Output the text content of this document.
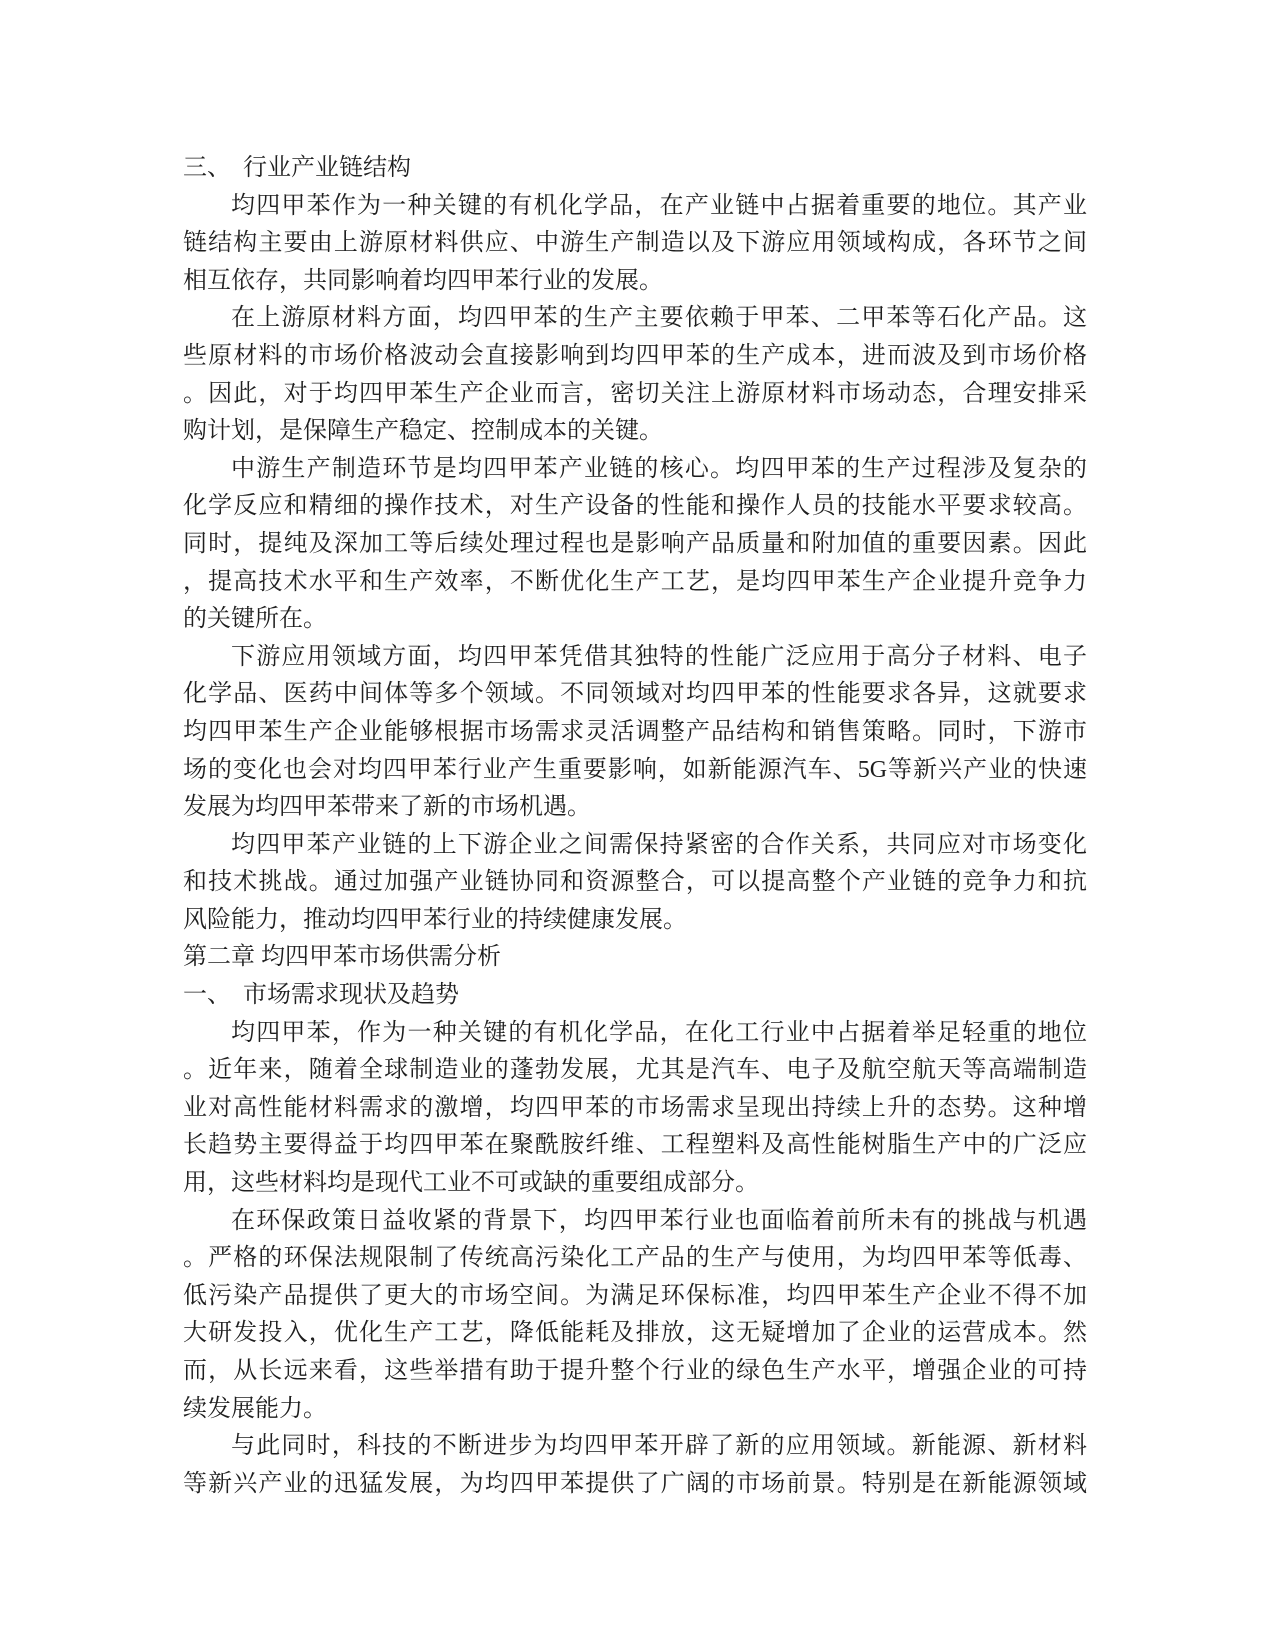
三、　行业产业链结构
均四甲苯作为一种关键的有机化学品，在产业链中占据着重要的地位。其产业
链结构主要由上游原材料供应、中游生产制造以及下游应用领域构成，各环节之间
相互依存，共同影响着均四甲苯行业的发展。
在上游原材料方面，均四甲苯的生产主要依赖于甲苯、二甲苯等石化产品。这
些原材料的市场价格波动会直接影响到均四甲苯的生产成本，进而波及到市场价格
。因此，对于均四甲苯生产企业而言，密切关注上游原材料市场动态，合理安排采
购计划，是保障生产稳定、控制成本的关键。
中游生产制造环节是均四甲苯产业链的核心。均四甲苯的生产过程涉及复杂的
化学反应和精细的操作技术，对生产设备的性能和操作人员的技能水平要求较高。
同时，提纯及深加工等后续处理过程也是影响产品质量和附加值的重要因素。因此
，提高技术水平和生产效率，不断优化生产工艺，是均四甲苯生产企业提升竞争力
的关键所在。
下游应用领域方面，均四甲苯凭借其独特的性能广泛应用于高分子材料、电子
化学品、医药中间体等多个领域。不同领域对均四甲苯的性能要求各异，这就要求
均四甲苯生产企业能够根据市场需求灵活调整产品结构和销售策略。同时，下游市
场的变化也会对均四甲苯行业产生重要影响，如新能源汽车、5G等新兴产业的快速
发展为均四甲苯带来了新的市场机遇。
均四甲苯产业链的上下游企业之间需保持紧密的合作关系，共同应对市场变化
和技术挑战。通过加强产业链协同和资源整合，可以提高整个产业链的竞争力和抗
风险能力，推动均四甲苯行业的持续健康发展。
第二章 均四甲苯市场供需分析
一、　市场需求现状及趋势
均四甲苯，作为一种关键的有机化学品，在化工行业中占据着举足轻重的地位
。近年来，随着全球制造业的蓬勃发展，尤其是汽车、电子及航空航天等高端制造
业对高性能材料需求的激增，均四甲苯的市场需求呈现出持续上升的态势。这种增
长趋势主要得益于均四甲苯在聚酰胺纤维、工程塑料及高性能树脂生产中的广泛应
用，这些材料均是现代工业不可或缺的重要组成部分。
在环保政策日益收紧的背景下，均四甲苯行业也面临着前所未有的挑战与机遇
。严格的环保法规限制了传统高污染化工产品的生产与使用，为均四甲苯等低毒、
低污染产品提供了更大的市场空间。为满足环保标准，均四甲苯生产企业不得不加
大研发投入，优化生产工艺，降低能耗及排放，这无疑增加了企业的运营成本。然
而，从长远来看，这些举措有助于提升整个行业的绿色生产水平，增强企业的可持
续发展能力。
与此同时，科技的不断进步为均四甲苯开辟了新的应用领域。新能源、新材料
等新兴产业的迅猛发展，为均四甲苯提供了广阔的市场前景。特别是在新能源领域
